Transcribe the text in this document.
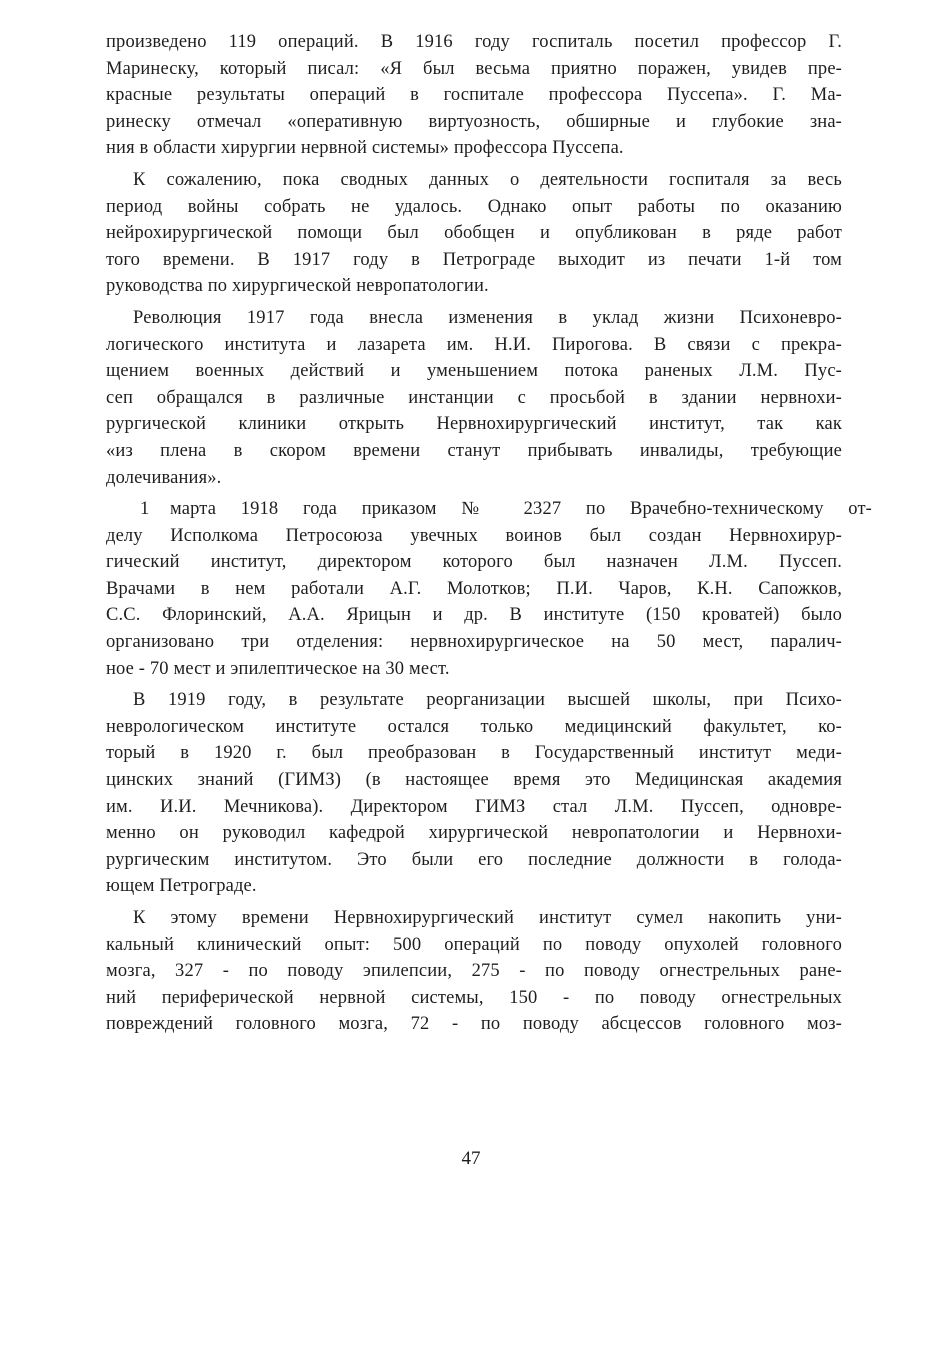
произведено 119 операций. В 1916 году госпиталь посетил профессор Г.
Маринеску, который писал: «Я был весьма приятно поражен, увидев пре-
красные результаты операций в госпитале профессора Пуссепа». Г. Ма-
ринеску отмечал «оперативную виртуозность, обширные и глубокие зна-
ния в области хирургии нервной системы» профессора Пуссепа.
К сожалению, пока сводных данных о деятельности госпиталя за весь
период войны собрать не удалось. Однако опыт работы по оказанию
нейрохирургической помощи был обобщен и опубликован в ряде работ
того времени. В 1917 году в Петрограде выходит из печати 1-й том
руководства по хирургической невропатологии.
Революция 1917 года внесла изменения в уклад жизни Психоневро-
логического института и лазарета им. Н.И. Пирогова. В связи с прекра-
щением военных действий и уменьшением потока раненых Л.М. Пус-
сеп обращался в различные инстанции с просьбой в здании нервнохи-
рургической клиники открыть Нервнохирургический институт, так как
«из плена в скором времени станут прибывать инвалиды, требующие
долечивания».
1	марта 1918 года приказом № 2327 по Врачебно-техническому от-
делу Исполкома Петросоюза увечных воинов был создан Нервнохирур-
гический институт, директором которого был назначен Л.М. Пуссеп.
Врачами в нем работали А.Г. Молотков; П.И. Чаров, К.Н. Сапожков,
С.С. Флоринский, А.А. Ярицын и др. В институте (150 кроватей) было
организовано три отделения: нервнохирургическое на 50 мест, паралич-
ное - 70 мест и эпилептическое на 30 мест.
В 1919 году, в результате реорганизации высшей школы, при Психо-
неврологическом институте остался только медицинский факультет, ко-
торый в 1920 г. был преобразован в Государственный институт меди-
цинских знаний (ГИМЗ) (в настоящее время это Медицинская академия
им. И.И. Мечникова). Директором ГИМЗ стал Л.М. Пуссеп, одновре-
менно он руководил кафедрой хирургической невропатологии и Нервнохи-
рургическим институтом. Это были его последние должности в голода-
ющем Петрограде.
К этому времени Нервнохирургический институт сумел накопить уни-
кальный клинический опыт: 500 операций по поводу опухолей головного
мозга, 327 - по поводу эпилепсии, 275 - по поводу огнестрельных ране-
ний периферической нервной системы, 150 - по поводу огнестрельных
повреждений головного мозга, 72 - по поводу абсцессов головного моз-
47
